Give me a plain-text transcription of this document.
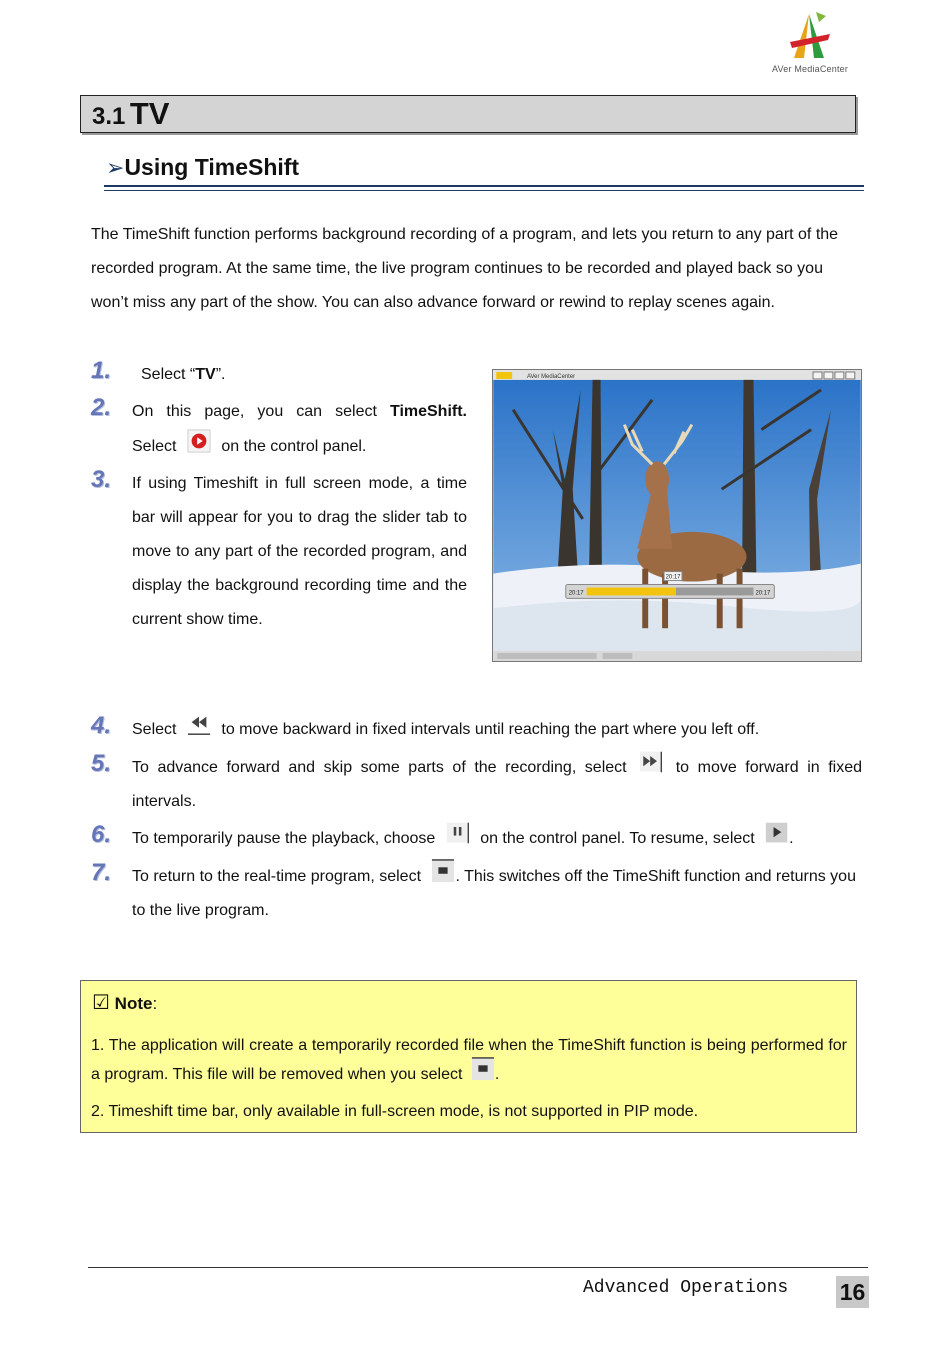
AVer MediaCenter
3.1 TV
➢Using TimeShift
The TimeShift function performs background recording of a program, and lets you return to any part of the recorded program. At the same time, the live program continues to be recorded and played back so you won’t miss any part of the show. You can also advance forward or rewind to replay scenes again.
1. Select “TV”.
2. On this page, you can select TimeShift.
Select	on the control panel.
3. If using Timeshift in full screen mode, a time bar will appear for you to drag the slider tab to move to any part of the recorded program, and display the background recording time and the current show time.
20:17
20:17	20:17
AVer MediaCenter
4. Select	to move backward in fixed intervals until reaching the part where you left off.
5. To advance forward and skip some parts of the recording, select	to move forward in fixed intervals.
6. To temporarily pause the playback, choose	on the control panel. To resume, select .
7. To return to the real-time program, select . This switches off the TimeShift function and returns you to the live program.
☑ Note:
1. The application will create a temporarily recorded file when the TimeShift function is being performed for a program. This file will be removed when you select .
2. Timeshift time bar, only available in full-screen mode, is not supported in PIP mode.
Advanced Operations 16
